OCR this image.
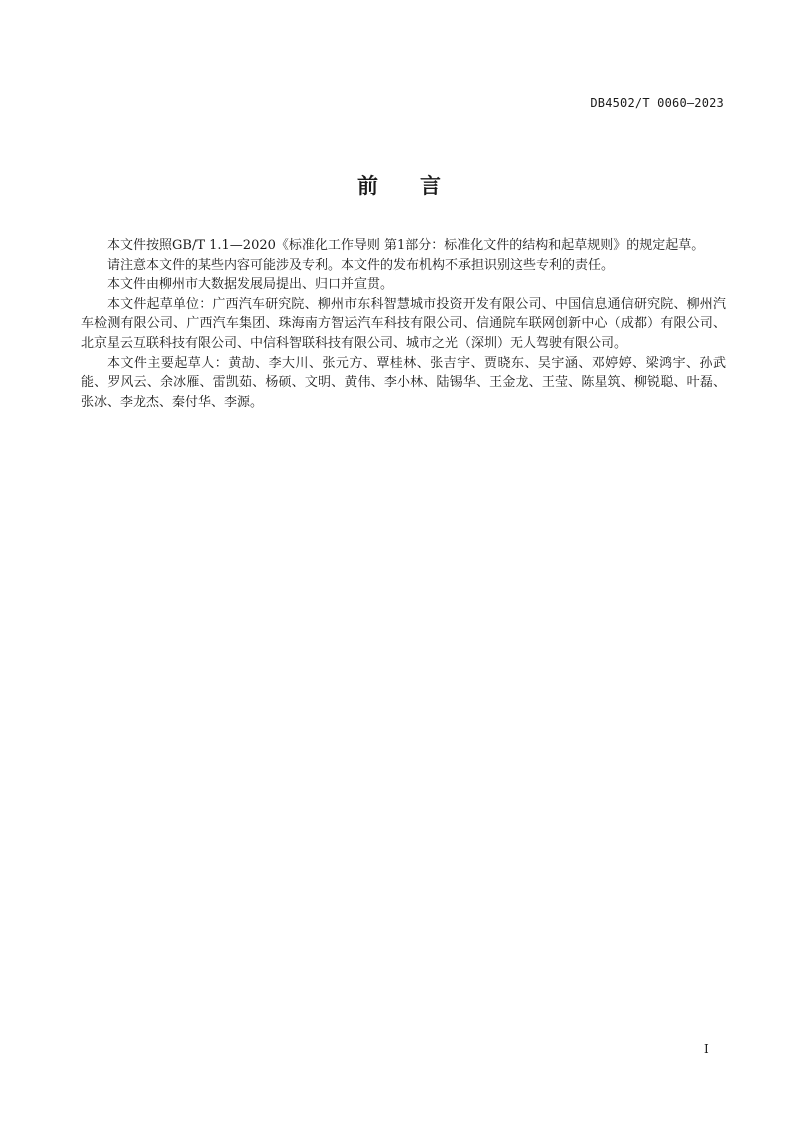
DB4502/T 0060—2023
前 言

本文件按照GB/T 1.1—2020《标准化工作导则 第1部分：标准化文件的结构和起草规则》的规定起草。

请注意本文件的某些内容可能涉及专利。本文件的发布机构不承担识别这些专利的责任。

本文件由柳州市大数据发展局提出、归口并宣贯。

本文件起草单位：广西汽车研究院、柳州市东科智慧城市投资开发有限公司、中国信息通信研究院、柳州汽车检测有限公司、广西汽车集团、珠海南方智运汽车科技有限公司、信通院车联网创新中心（成都）有限公司、北京星云互联科技有限公司、中信科智联科技有限公司、城市之光（深圳）无人驾驶有限公司。

本文件主要起草人：黄劼、李大川、张元方、覃桂林、张吉宇、贾晓东、吴宇涵、邓婷婷、梁鸿宇、孙武能、罗风云、余冰雁、雷凯茹、杨硕、文明、黄伟、李小林、陆锡华、王金龙、王莹、陈星筑、柳锐聪、叶磊、张冰、李龙杰、秦付华、李源。

I
